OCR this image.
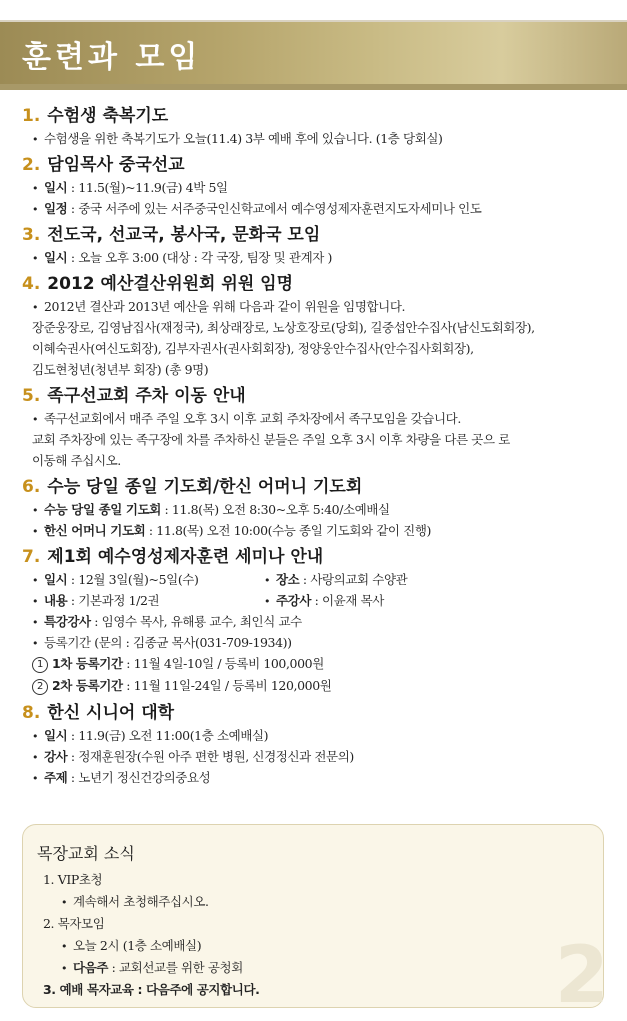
훈련과 모임
1. 수험생 축복기도
• 수험생을 위한 축복기도가 오늘(11.4) 3부 예배 후에 있습니다. (1층 당회실)
2. 담임목사 중국선교
• 일시 : 11.5(월)~11.9(금) 4박 5일
• 일정 : 중국 서주에 있는 서주중국인신학교에서 예수영성제자훈련지도자세미나 인도
3. 전도국, 선교국, 봉사국, 문화국 모임
• 일시 : 오늘 오후 3:00 (대상 : 각 국장, 팀장 및 관계자 )
4. 2012 예산결산위원회 위원 임명
• 2012년 결산과 2013년 예산을 위해 다음과 같이 위원을 임명합니다.
장준웅장로, 김영남집사(재정국), 최상래장로, 노상호장로(당회), 길중섭안수집사(남신도회회장),
이혜숙권사(여신도회장), 김부자권사(권사회회장), 정양웅안수집사(안수집사회회장),
김도현청년(청년부 회장) (총 9명)
5. 족구선교회 주차 이동 안내
• 족구선교회에서 매주 주일 오후 3시 이후 교회 주차장에서 족구모임을 갖습니다.
교회 주차장에 있는 족구장에 차를 주차하신 분들은 주일 오후 3시 이후 차량을 다른 곳으 로
이동해 주십시오.
6. 수능 당일 종일 기도회/한신 어머니 기도회
• 수능 당일 종일 기도회 : 11.8(목) 오전 8:30~오후 5:40/소예배실
• 한신 어머니 기도회 : 11.8(목) 오전 10:00(수능 종일 기도회와 같이 진행)
7. 제1회 예수영성제자훈련 세미나 안내
• 일시 : 12월 3일(월)~5일(수)	• 장소 : 사랑의교회 수양관
• 내용 : 기본과정 1/2권	• 주강사 : 이윤재 목사
• 특강강사 : 임영수 목사, 유해룡 교수, 최인식 교수
• 등록기간 (문의 : 김종균 목사(031-709-1934))
1 1차 등록기간 : 11월 4일-10일 / 등록비 100,000원
2 2차 등록기간 : 11월 11일-24일 / 등록비 120,000원
8. 한신 시니어 대학
• 일시 : 11.9(금) 오전 11:00(1층 소예배실)
• 강사 : 정재훈원장(수원 아주 편한 병원, 신경정신과 전문의)
• 주제 : 노년기 정신건강의중요성
목장교회 소식
1. VIP초청
• 계속해서 초청해주십시오.
2. 목자모임
• 오늘 2시 (1층 소예배실)
• 다음주 : 교회선교를 위한 공청회
3. 예배 목자교육 : 다음주에 공지합니다.	2
